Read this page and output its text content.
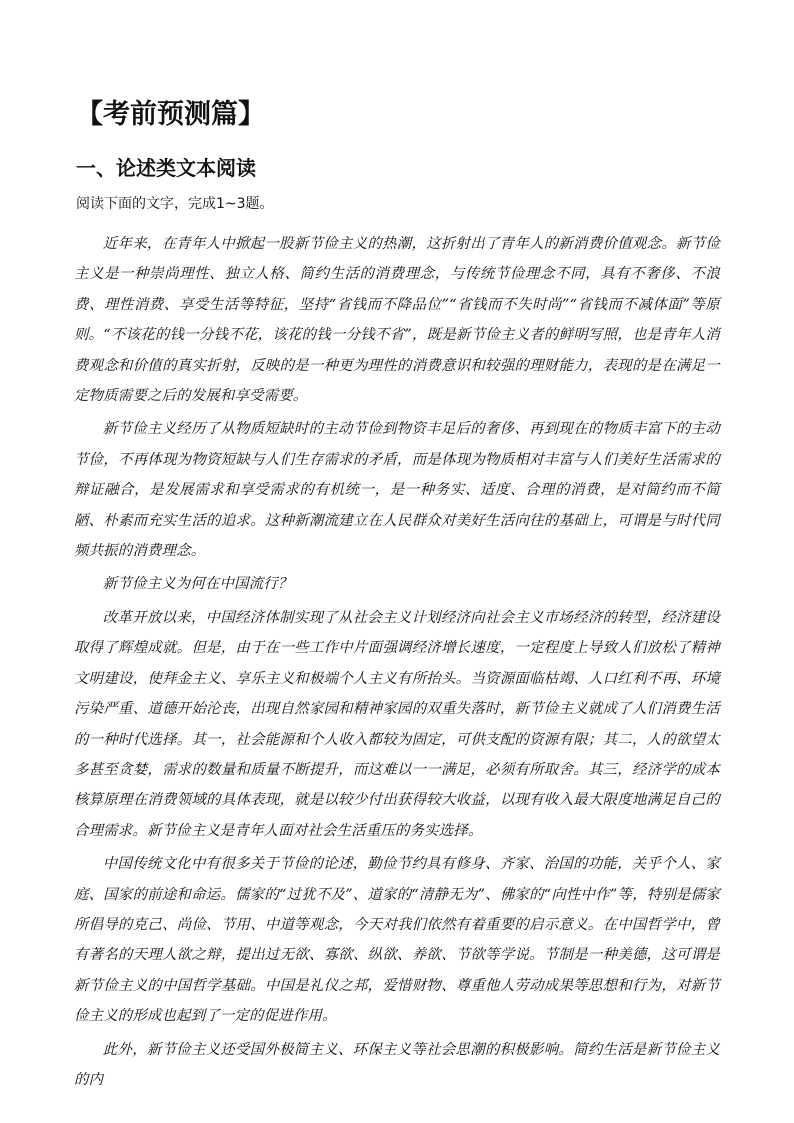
【考前预测篇】
一、论述类文本阅读

阅读下面的文字，完成1~3题。

近年来，在青年人中掀起一股新节俭主义的热潮，这折射出了青年人的新消费价值观念。新节俭主义是一种崇尚理性、独立人格、简约生活的消费理念，与传统节俭理念不同，具有不奢侈、不浪费、理性消费、享受生活等特征，坚持“省钱而不降品位”“省钱而不失时尚”“省钱而不减体面”等原则。“不该花的钱一分钱不花，该花的钱一分钱不省”，既是新节俭主义者的鲜明写照，也是青年人消费观念和价值的真实折射，反映的是一种更为理性的消费意识和较强的理财能力，表现的是在满足一定物质需要之后的发展和享受需要。

新节俭主义经历了从物质短缺时的主动节俭到物资丰足后的奢侈、再到现在的物质丰富下的主动节俭，不再体现为物资短缺与人们生存需求的矛盾，而是体现为物质相对丰富与人们美好生活需求的辩证融合，是发展需求和享受需求的有机统一，是一种务实、适度、合理的消费，是对简约而不简陋、朴素而充实生活的追求。这种新潮流建立在人民群众对美好生活向往的基础上，可谓是与时代同频共振的消费理念。

新节俭主义为何在中国流行？

改革开放以来，中国经济体制实现了从社会主义计划经济向社会主义市场经济的转型，经济建设取得了辉煌成就。但是，由于在一些工作中片面强调经济增长速度，一定程度上导致人们放松了精神文明建设，使拜金主义、享乐主义和极端个人主义有所抬头。当资源面临枯竭、人口红利不再、环境污染严重、道德开始沦丧，出现自然家园和精神家园的双重失落时，新节俭主义就成了人们消费生活的一种时代选择。其一，社会能源和个人收入都较为固定，可供支配的资源有限；其二，人的欲望太多甚至贪婪，需求的数量和质量不断提升，而这难以一一满足，必须有所取舍。其三，经济学的成本核算原理在消费领域的具体表现，就是以较少付出获得较大收益，以现有收入最大限度地满足自己的合理需求。新节俭主义是青年人面对社会生活重压的务实选择。

中国传统文化中有很多关于节俭的论述，勤俭节约具有修身、齐家、治国的功能，关乎个人、家庭、国家的前途和命运。儒家的“过犹不及”、道家的“清静无为”、佛家的“向性中作”等，特别是儒家所倡导的克己、尚俭、节用、中道等观念，今天对我们依然有着重要的启示意义。在中国哲学中，曾有著名的天理人欲之辩，提出过无欲、寡欲、纵欲、养欲、节欲等学说。节制是一种美德，这可谓是新节俭主义的中国哲学基础。中国是礼仪之邦，爱惜财物、尊重他人劳动成果等思想和行为，对新节俭主义的形成也起到了一定的促进作用。

此外，新节俭主义还受国外极简主义、环保主义等社会思潮的积极影响。简约生活是新节俭主义的内
